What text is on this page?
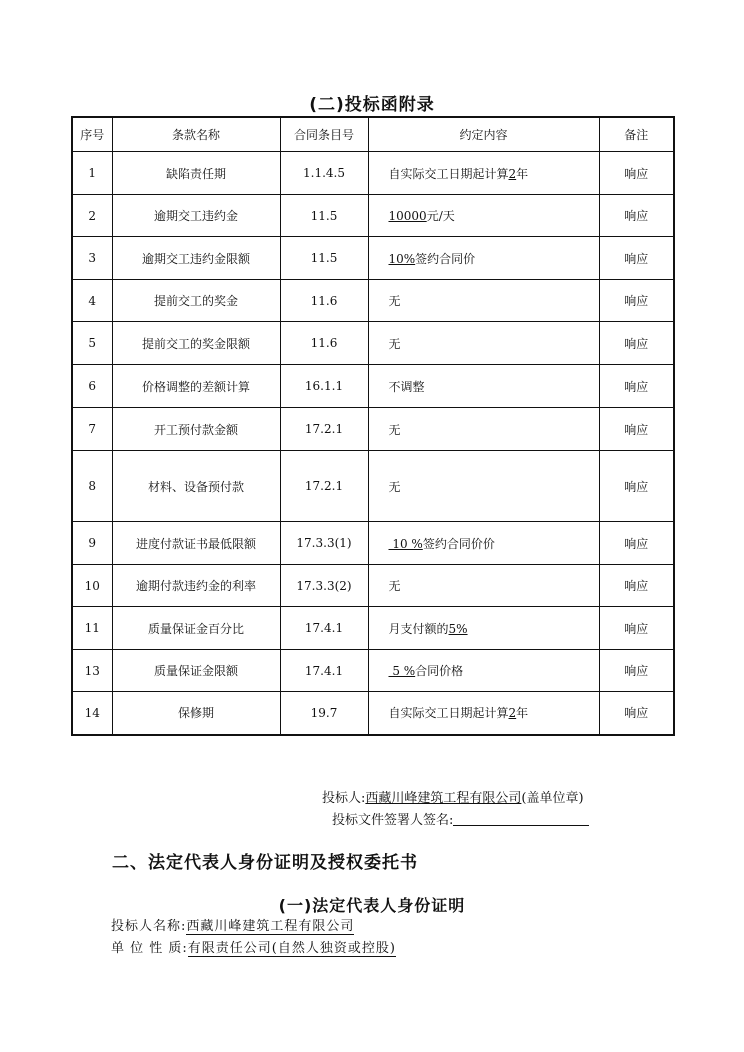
(二)投标函附录
序号	条款名称	合同条目号	约定内容	备注
1	缺陷责任期	1.1.4.5	自实际交工日期起计算2年	响应
2	逾期交工违约金	11.5	10000元/天	响应
3	逾期交工违约金限额	11.5	10%签约合同价	响应
4	提前交工的奖金	11.6	无	响应
5	提前交工的奖金限额	11.6	无	响应
6	价格调整的差额计算	16.1.1	不调整	响应
7	开工预付款金额	17.2.1	无	响应
8	材料、设备预付款	17.2.1	无	响应
9	进度付款证书最低限额	17.3.3(1)	10 %签约合同价价	响应
10	逾期付款违约金的利率	17.3.3(2)	无	响应
11	质量保证金百分比	17.4.1	月支付额的5%	响应
13	质量保证金限额	17.4.1	5 %合同价格	响应
14	保修期	19.7	自实际交工日期起计算2年	响应
投标人:西藏川峰建筑工程有限公司(盖单位章)
投标文件签署人签名:
二、法定代表人身份证明及授权委托书
(一)法定代表人身份证明
投标人名称:西藏川峰建筑工程有限公司
单 位 性 质:有限责任公司(自然人独资或控股)
